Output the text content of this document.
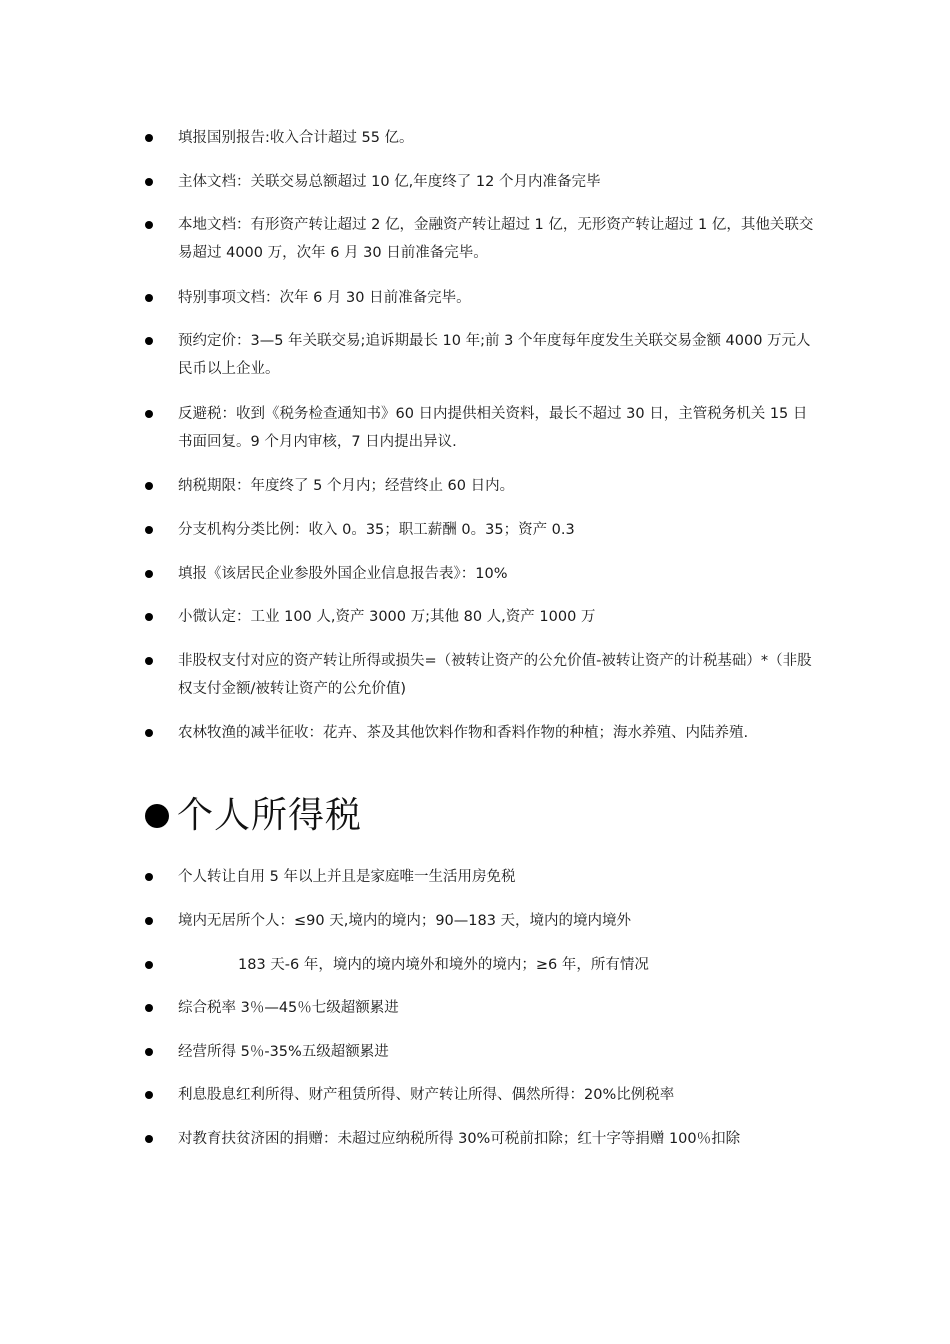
填报国别报告:收入合计超过 55 亿。
主体文档：关联交易总额超过 10 亿,年度终了 12 个月内准备完毕
本地文档：有形资产转让超过 2 亿，金融资产转让超过 1 亿，无形资产转让超过 1 亿，其他关联交易超过 4000 万，次年 6 月 30 日前准备完毕。
特别事项文档：次年 6 月 30 日前准备完毕。
预约定价：3—5 年关联交易;追诉期最长 10 年;前 3 个年度每年度发生关联交易金额 4000 万元人民币以上企业。
反避税：收到《税务检查通知书》60 日内提供相关资料，最长不超过 30 日，主管税务机关 15 日书面回复。9 个月内审核，7 日内提出异议.
纳税期限：年度终了 5 个月内；经营终止 60 日内。
分支机构分类比例：收入 0。35；职工薪酬 0。35；资产 0.3
填报《该居民企业参股外国企业信息报告表》：10%
小微认定：工业 100 人,资产 3000 万;其他 80 人,资产 1000 万
非股权支付对应的资产转让所得或损失=（被转让资产的公允价值-被转让资产的计税基础）*（非股权支付金额/被转让资产的公允价值)
农林牧渔的减半征收：花卉、茶及其他饮料作物和香料作物的种植；海水养殖、内陆养殖.
个人所得税
个人转让自用 5 年以上并且是家庭唯一生活用房免税
境内无居所个人：≤90 天,境内的境内；90—183 天，境内的境内境外
183 天-6 年，境内的境内境外和境外的境内；≥6 年，所有情况
综合税率 3％—45％七级超额累进
经营所得 5％-35%五级超额累进
利息股息红利所得、财产租赁所得、财产转让所得、偶然所得：20%比例税率
对教育扶贫济困的捐赠：未超过应纳税所得 30%可税前扣除；红十字等捐赠 100％扣除
